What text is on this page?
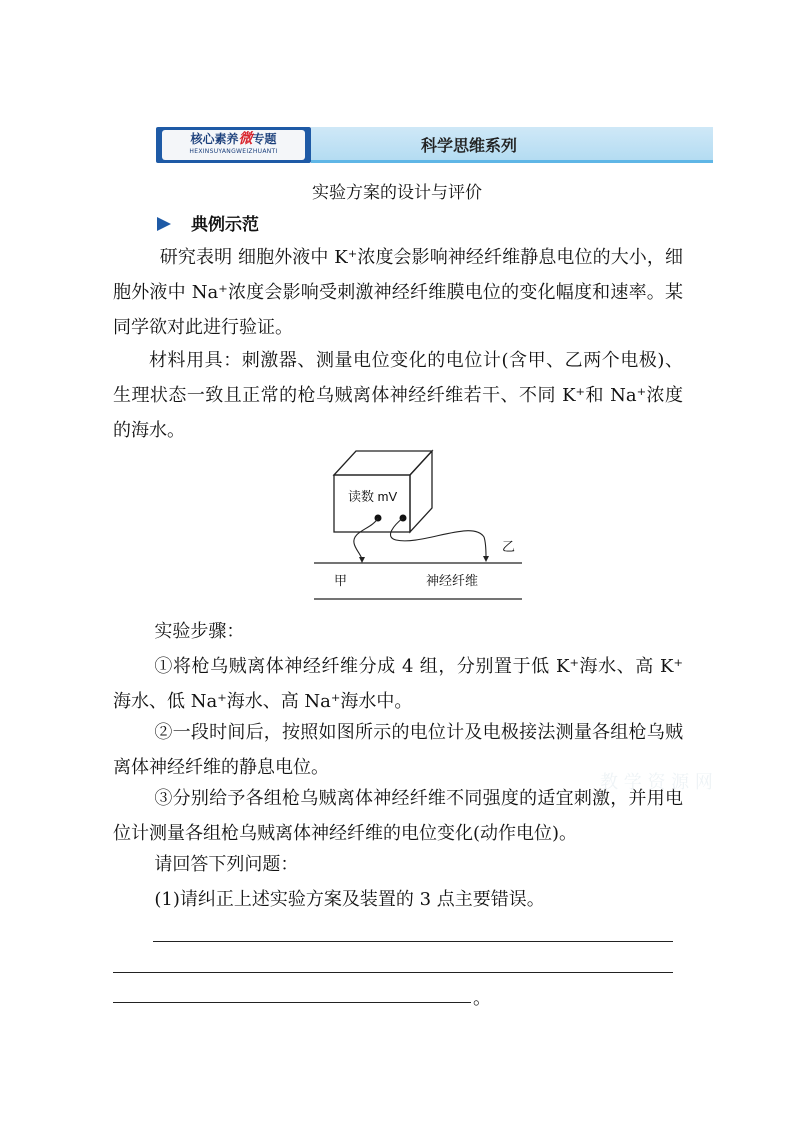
核心素养微专题
HEXINSUYANGWEIZHUANTI	科学思维系列
实验方案的设计与评价
典例示范
研究表明 细胞外液中 K⁺浓度会影响神经纤维静息电位的大小，细胞外液中 Na⁺浓度会影响受刺激神经纤维膜电位的变化幅度和速率。某同学欲对此进行验证。
材料用具：刺激器、测量电位变化的电位计(含甲、乙两个电极)、生理状态一致且正常的枪乌贼离体神经纤维若干、不同 K⁺和 Na⁺浓度的海水。
读数 mV
乙
甲	神经纤维
实验步骤：
①将枪乌贼离体神经纤维分成 4 组，分别置于低 K⁺海水、高 K⁺海水、低 Na⁺海水、高 Na⁺海水中。
②一段时间后，按照如图所示的电位计及电极接法测量各组枪乌贼离体神经纤维的静息电位。
③分别给予各组枪乌贼离体神经纤维不同强度的适宜刺激，并用电位计测量各组枪乌贼离体神经纤维的电位变化(动作电位)。
请回答下列问题：
(1)请纠正上述实验方案及装置的 3 点主要错误。
教 学 资 源 网
。
